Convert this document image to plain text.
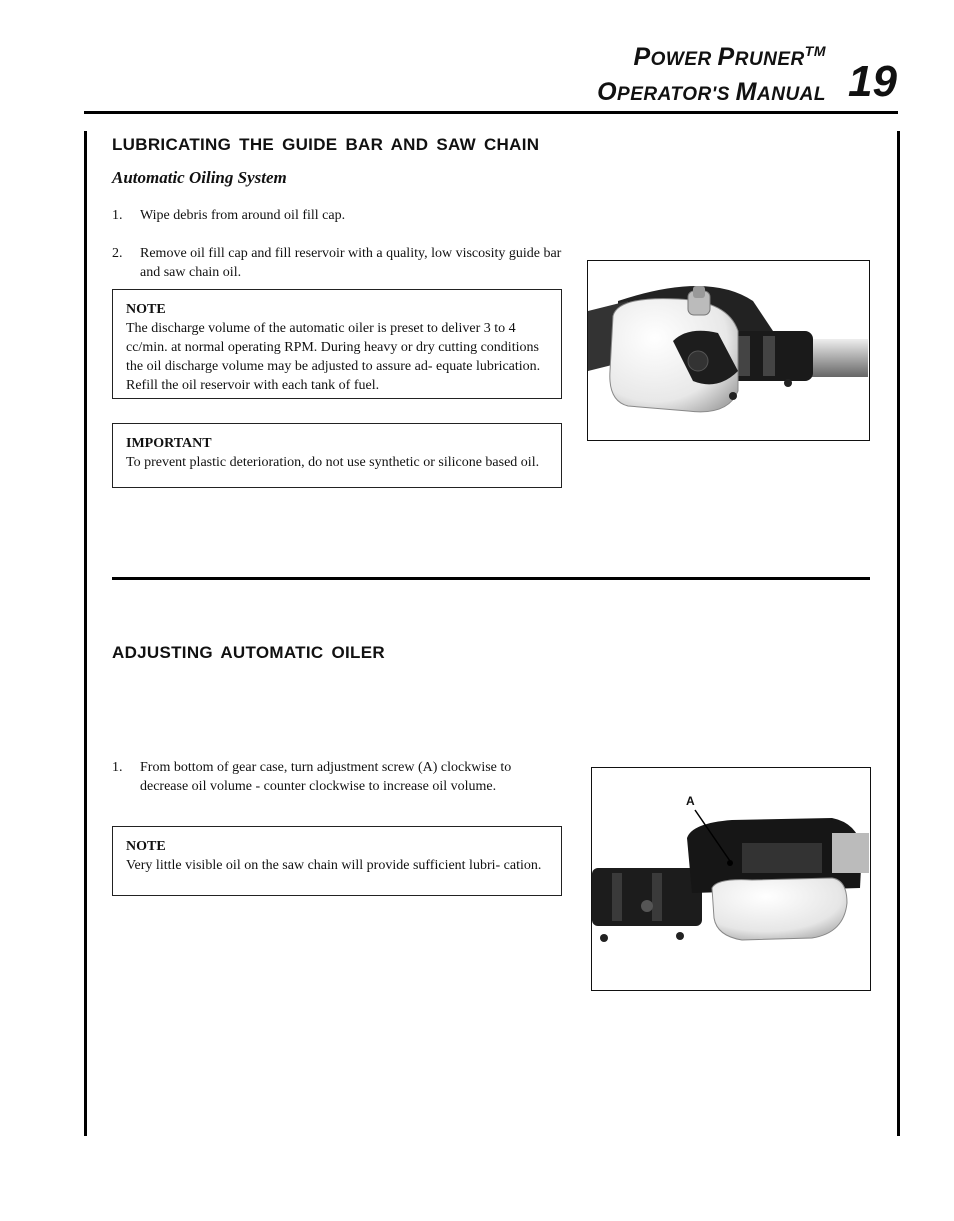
POWER PRUNER™
OPERATOR'S MANUAL 19
LUBRICATING THE GUIDE BAR AND SAW CHAIN
Automatic Oiling System
1. Wipe debris from around oil fill cap.
2. Remove oil fill cap and fill reservoir with a quality, low viscosity guide bar and saw chain oil.
NOTE
The discharge volume of the automatic oiler is preset to deliver 3 to 4 cc/min. at normal operating RPM. During heavy or dry cutting conditions the oil discharge volume may be adjusted to assure ad- equate lubrication. Refill the oil reservoir with each tank of fuel.
IMPORTANT
To prevent plastic deterioration, do not use synthetic or silicone based oil.
ADJUSTING AUTOMATIC OILER
1. From bottom of gear case, turn adjustment screw (A) clockwise to decrease oil volume - counter clockwise to increase oil volume.
NOTE
Very little visible oil on the saw chain will provide sufficient lubri- cation.
A
